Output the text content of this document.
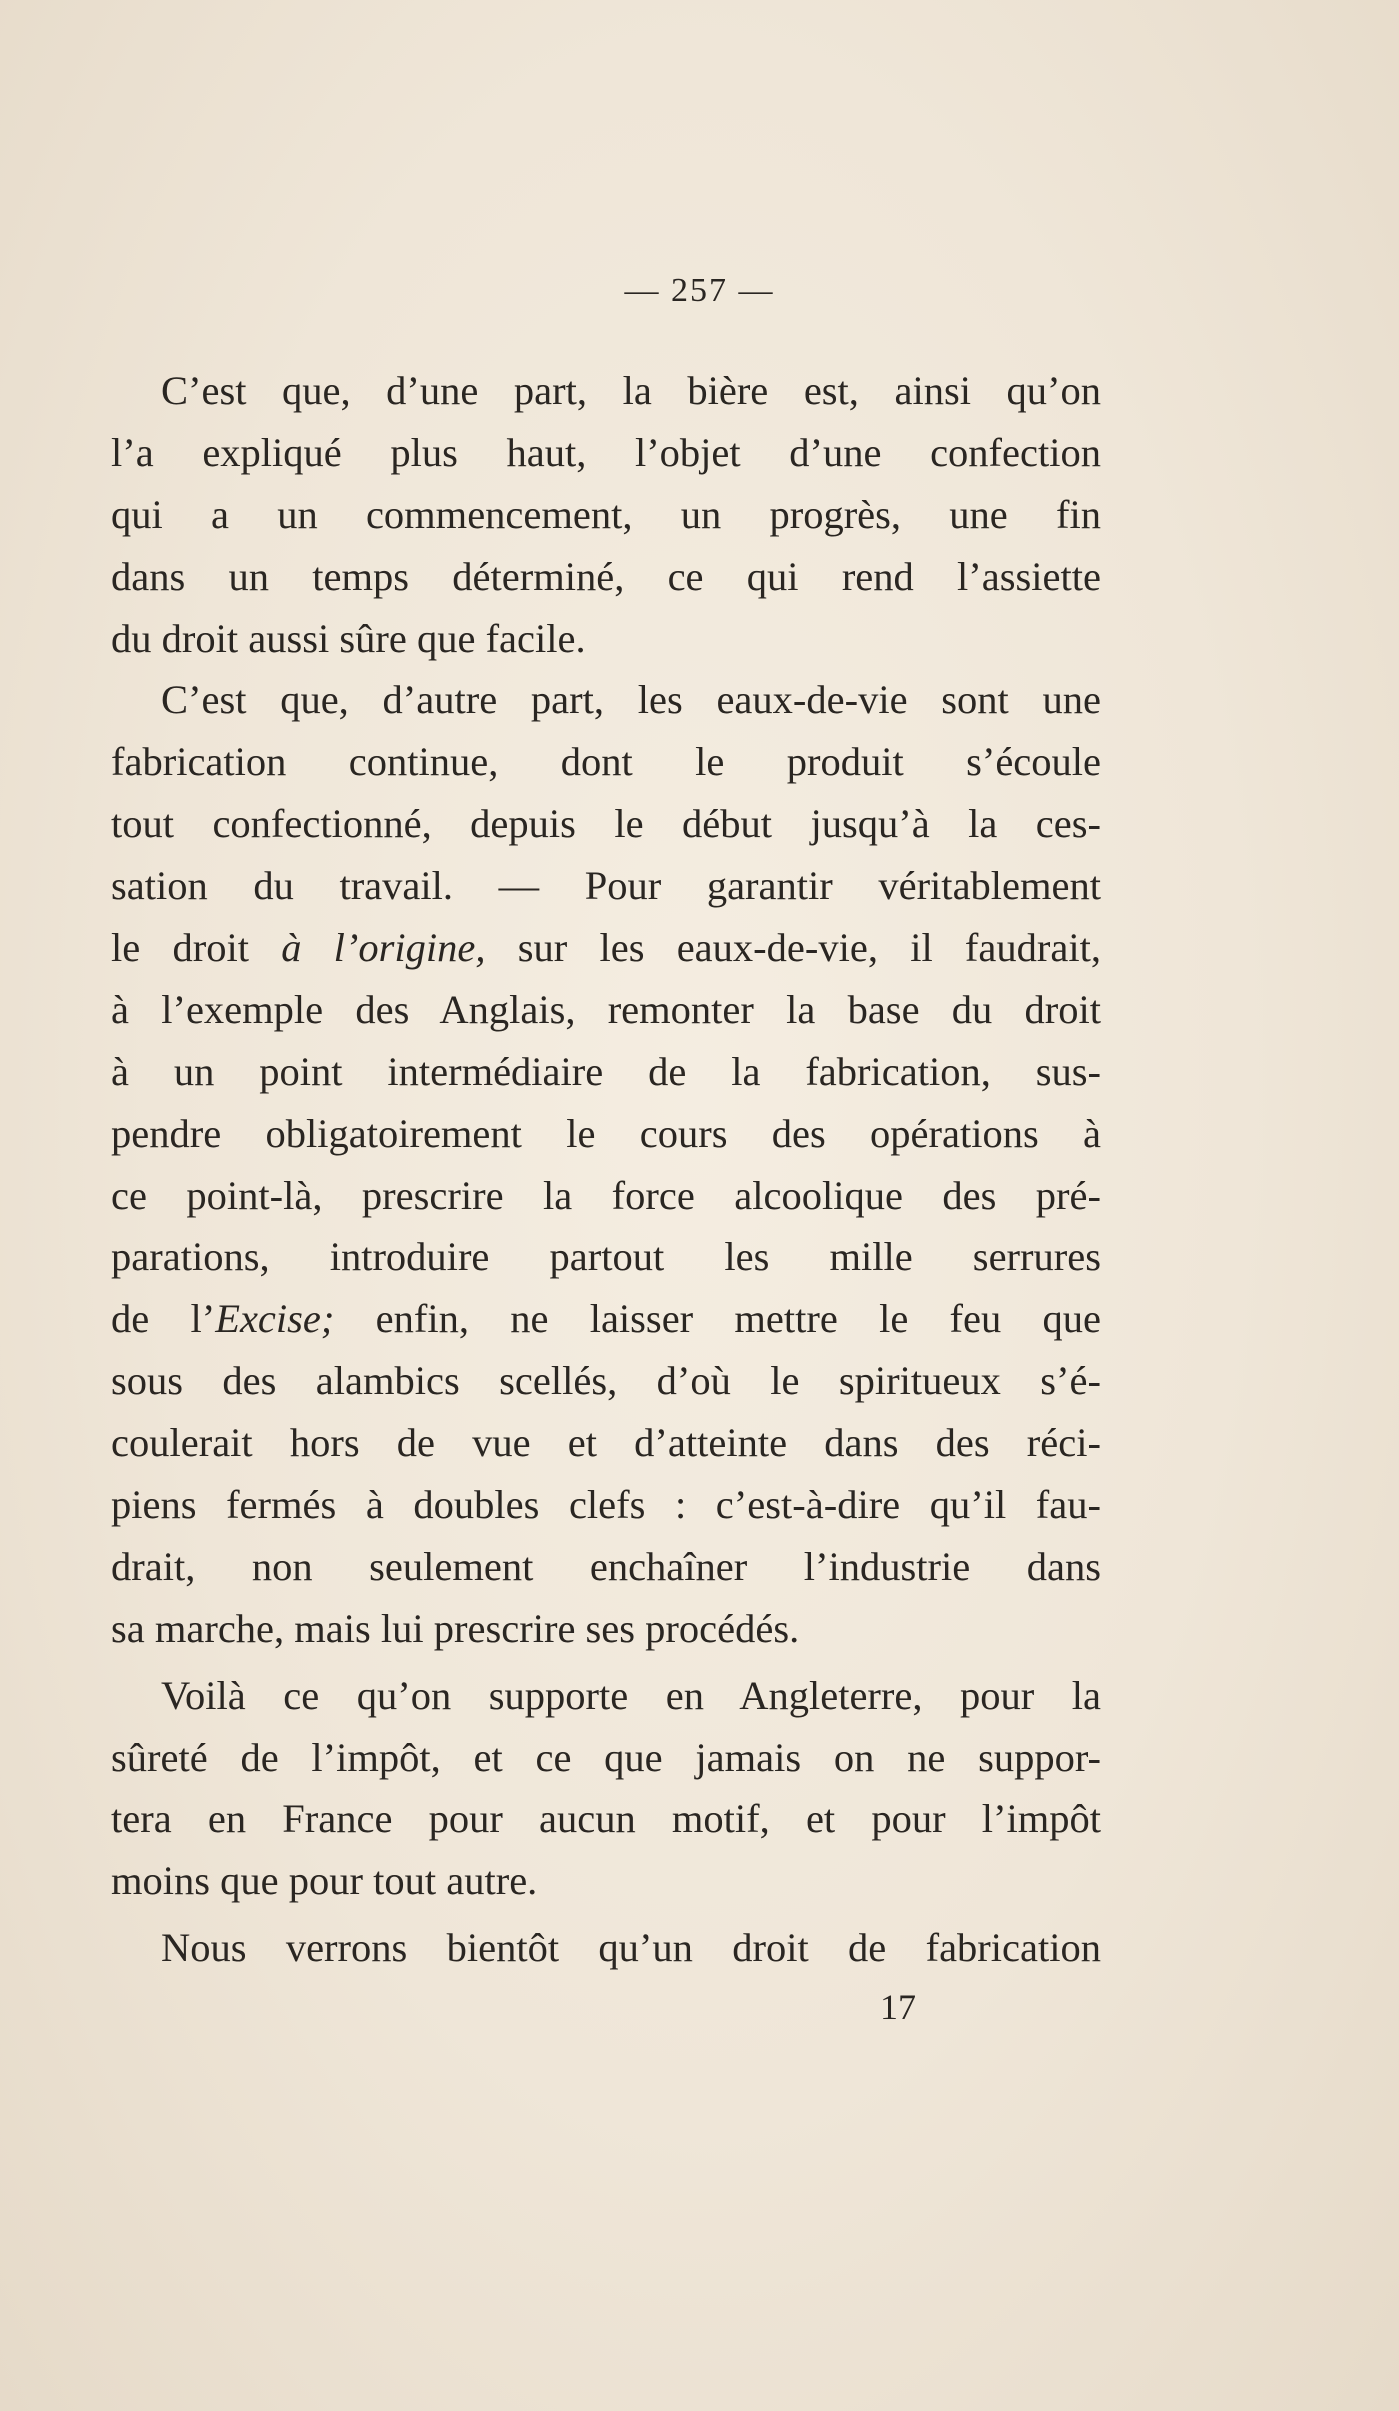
— 257 —
C’est que, d’une part, la bière est, ainsi qu’on
l’a expliqué plus haut, l’objet d’une confection
qui a un commencement, un progrès, une fin
dans un temps déterminé, ce qui rend l’assiette
du droit aussi sûre que facile.
C’est que, d’autre part, les eaux-de-vie sont une
fabrication continue, dont le produit s’écoule
tout confectionné, depuis le début jusqu’à la ces-
sation du travail. — Pour garantir véritablement
le droit à l’origine, sur les eaux-de-vie, il faudrait,
à l’exemple des Anglais, remonter la base du droit
à un point intermédiaire de la fabrication, sus-
pendre obligatoirement le cours des opérations à
ce point-là, prescrire la force alcoolique des pré-
parations, introduire partout les mille serrures
de l’Excise; enfin, ne laisser mettre le feu que
sous des alambics scellés, d’où le spiritueux s’é-
coulerait hors de vue et d’atteinte dans des réci-
piens fermés à doubles clefs : c’est-à-dire qu’il fau-
drait, non seulement enchaîner l’industrie dans
sa marche, mais lui prescrire ses procédés.
Voilà ce qu’on supporte en Angleterre, pour la
sûreté de l’impôt, et ce que jamais on ne suppor-
tera en France pour aucun motif, et pour l’impôt
moins que pour tout autre.
Nous verrons bientôt qu’un droit de fabrication
17
